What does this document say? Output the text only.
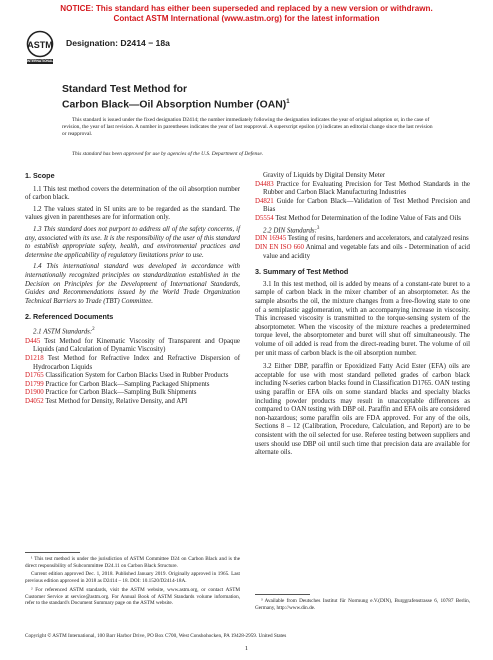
NOTICE: This standard has either been superseded and replaced by a new version or withdrawn.
Contact ASTM International (www.astm.org) for the latest information
ASTM
INTERNATIONAL
Designation: D2414 − 18a
Standard Test Method for
Carbon Black—Oil Absorption Number (OAN)$^1$

This standard is issued under the fixed designation D2414; the number immediately following the designation indicates the year of original adoption or, in the case of revision, the year of last revision. A number in parentheses indicates the year of last reapproval. A superscript epsilon (ε) indicates an editorial change since the last revision or reapproval.

This standard has been approved for use by agencies of the U.S. Department of Defense.

1. Scope

1.1 This test method covers the determination of the oil absorption number of carbon black.

1.2 The values stated in SI units are to be regarded as the standard. The values given in parentheses are for information only.

1.3 This standard does not purport to address all of the safety concerns, if any, associated with its use. It is the responsibility of the user of this standard to establish appropriate safety, health, and environmental practices and determine the applicability of regulatory limitations prior to use.

1.4 This international standard was developed in accordance with internationally recognized principles on standardization established in the Decision on Principles for the Development of International Standards, Guides and Recommendations issued by the World Trade Organization Technical Barriers to Trade (TBT) Committee.

2. Referenced Documents

2.1 ASTM Standards:$^2$

D445 Test Method for Kinematic Viscosity of Transparent and Opaque Liquids (and Calculation of Dynamic Viscosity)

D1218 Test Method for Refractive Index and Refractive Dispersion of Hydrocarbon Liquids

D1765 Classification System for Carbon Blacks Used in Rubber Products

D1799 Practice for Carbon Black—Sampling Packaged Shipments

D1900 Practice for Carbon Black—Sampling Bulk Shipments

D4052 Test Method for Density, Relative Density, and API

¹ This test method is under the jurisdiction of ASTM Committee D24 on Carbon Black and is the direct responsibility of Subcommittee D24.11 on Carbon Black Structure.

Current edition approved Dec. 1, 2018. Published January 2019. Originally approved in 1965. Last previous edition approved in 2018 as D2414 – 18. DOI: 10.1520/D2414-18A.

² For referenced ASTM standards, visit the ASTM website, www.astm.org, or contact ASTM Customer Service at service@astm.org. For Annual Book of ASTM Standards volume information, refer to the standard's Document Summary page on the ASTM website.

Gravity of Liquids by Digital Density Meter

D4483 Practice for Evaluating Precision for Test Method Standards in the Rubber and Carbon Black Manufacturing Industries

D4821 Guide for Carbon Black—Validation of Test Method Precision and Bias

D5554 Test Method for Determination of the Iodine Value of Fats and Oils

2.2 DIN Standards:$^3$

DIN 16945 Testing of resins, hardeners and accelerators, and catalyzed resins

DIN EN ISO 660 Animal and vegetable fats and oils - Determination of acid value and acidity

3. Summary of Test Method

3.1 In this test method, oil is added by means of a constant-rate buret to a sample of carbon black in the mixer chamber of an absorptometer. As the sample absorbs the oil, the mixture changes from a free-flowing state to one of a semiplastic agglomeration, with an accompanying increase in viscosity. This increased viscosity is transmitted to the torque-sensing system of the absorptometer. When the viscosity of the mixture reaches a predetermined torque level, the absorptometer and buret will shut off simultaneously. The volume of oil added is read from the direct-reading buret. The volume of oil per unit mass of carbon black is the oil absorption number.

3.2 Either DBP, paraffin or Epoxidized Fatty Acid Ester (EFA) oils are acceptable for use with most standard pelleted grades of carbon black including N-series carbon blacks found in Classification D1765. OAN testing using paraffin or EFA oils on some standard blacks and specialty blacks including powder products may result in unacceptable differences as compared to OAN testing with DBP oil. Paraffin and EFA oils are considered non-hazardous; some paraffin oils are FDA approved. For any of the oils, Sections 8 – 12 (Calibration, Procedure, Calculation, and Report) are to be consistent with the oil selected for use. Referee testing between suppliers and users should use DBP oil until such time that precision data are available for alternate oils.

³ Available from Deutsches Institut für Normung e.V.(DIN), Burggrafenstrasse 6, 10787 Berlin, Germany, http://www.din.de.

Copyright © ASTM International, 100 Barr Harbor Drive, PO Box C700, West Conshohocken, PA 19428-2959. United States
1
